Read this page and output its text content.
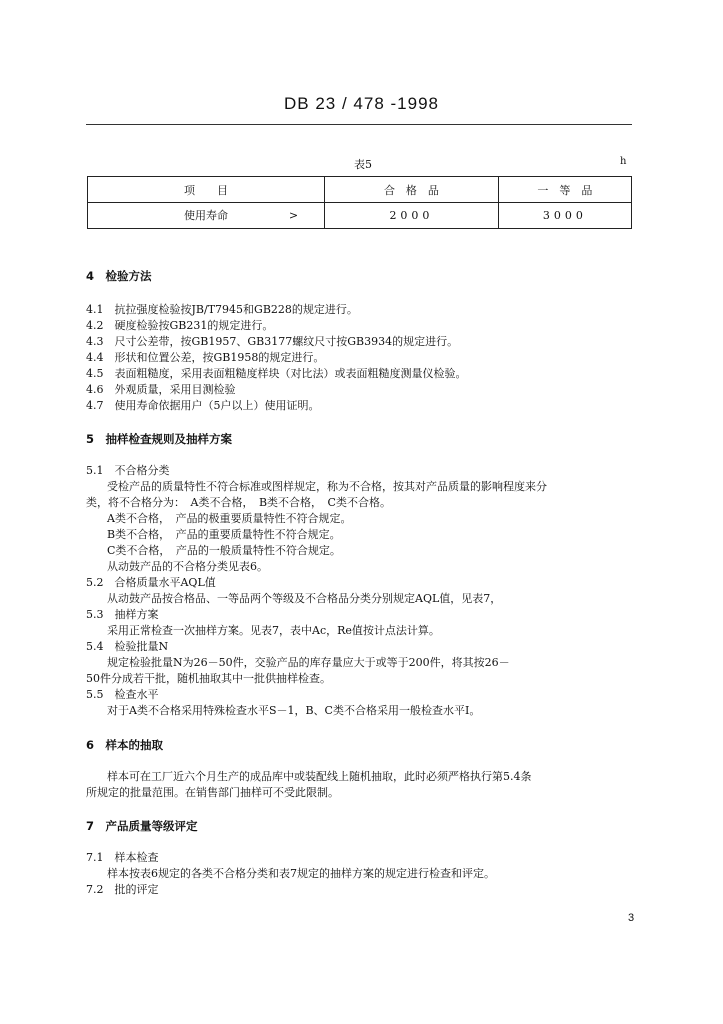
DB 23 / 478 -1998
表5	h
项　　目	合　格　品	一　等　品

使用寿命 >	2000	3000
4　检验方法
4.1　 抗拉强度检验按JB/T7945和GB228的规定进行。
4.2　 硬度检验按GB231的规定进行。
4.3　 尺寸公差带，按GB1957、GB3177螺纹尺寸按GB3934的规定进行。
4.4　 形状和位置公差，按GB1958的规定进行。
4.5　 表面粗糙度，采用表面粗糙度样块（对比法）或表面粗糙度测量仪检验。
4.6　 外观质量，采用目测检验
4.7　 使用寿命依据用户（5户以上）使用证明。
5　抽样检查规则及抽样方案
5.1　不合格分类
受检产品的质量特性不符合标准或图样规定，称为不合格，按其对产品质量的影响程度来分
类，将不合格分为：　A类不合格，　B类不合格，　C类不合格。
A类不合格，　产品的极重要质量特性不符合规定。
B类不合格，　产品的重要质量特性不符合规定。
C类不合格，　产品的一般质量特性不符合规定。
从动鼓产品的不合格分类见表6。
5.2　合格质量水平AQL值
从动鼓产品按合格品、一等品两个等级及不合格品分类分别规定AQL值，见表7，
5.3　抽样方案
采用正常检查一次抽样方案。见表7，表中Ac，Re值按计点法计算。
5.4　检验批量N
规定检验批量N为26－50件，交验产品的库存量应大于或等于200件，将其按26－
50件分成若干批，随机抽取其中一批供抽样检查。
5.5　检查水平
对于A类不合格采用特殊检查水平S－1，B、C类不合格采用一般检查水平Ⅰ。
6　样本的抽取
样本可在工厂近六个月生产的成品库中或装配线上随机抽取，此时必须严格执行第5.4条
所规定的批量范围。在销售部门抽样可不受此限制。
7　产品质量等级评定
7.1　样本检查
样本按表6规定的各类不合格分类和表7规定的抽样方案的规定进行检查和评定。
7.2　批的评定
3
